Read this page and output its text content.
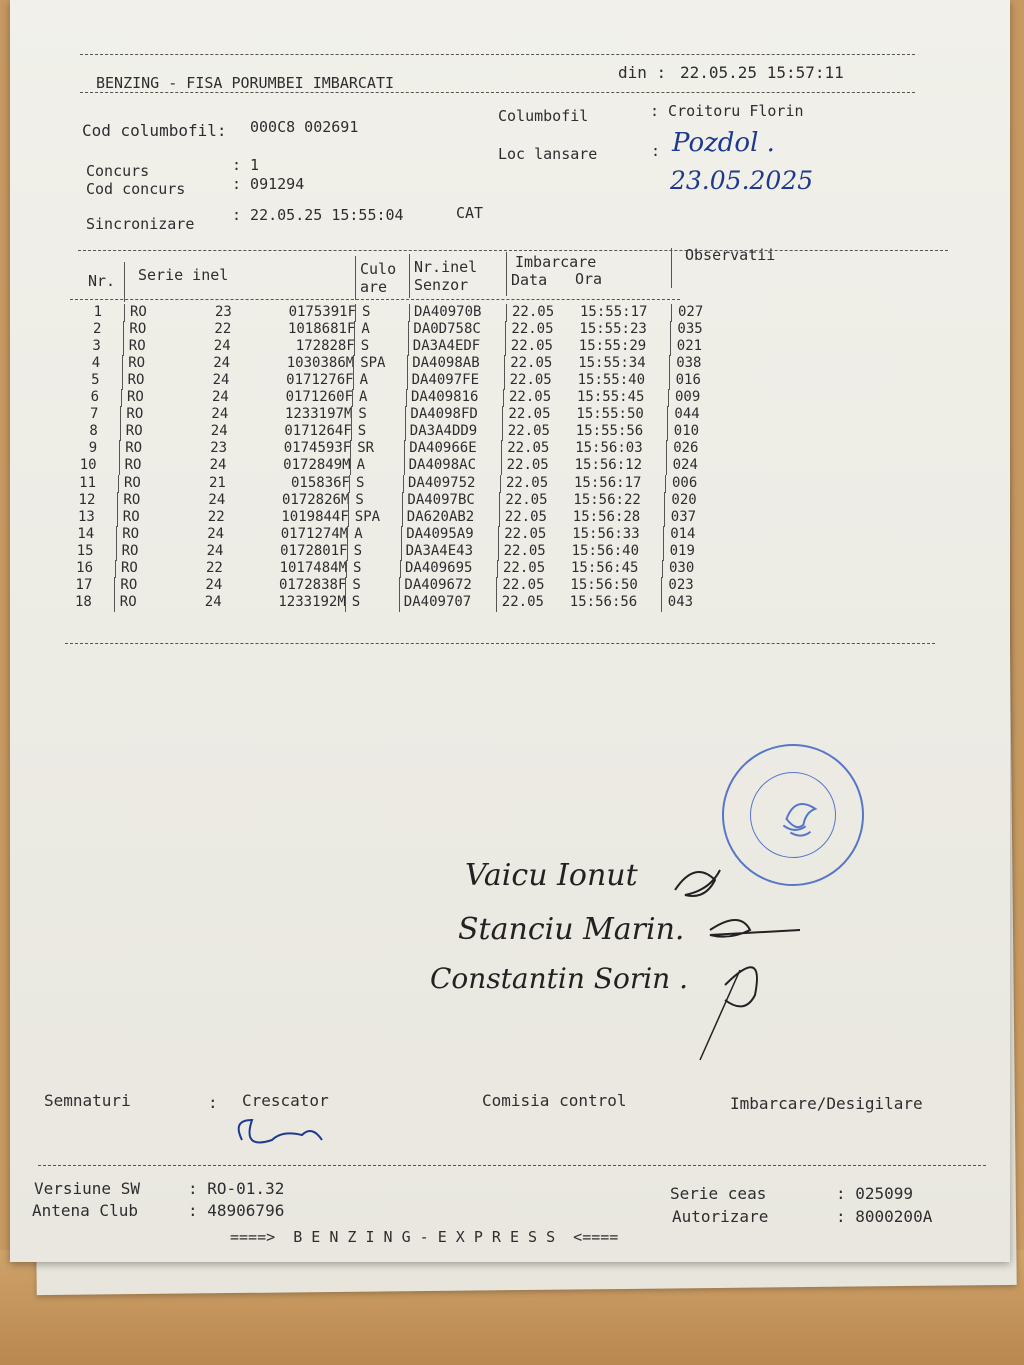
BENZING - FISA PORUMBEI IMBARCATI
din : 22.05.25 15:57:11
Cod columbofil: 000C8 002691
Columbofil	: Croitoru Florin
Loc lansare	: Pozdol .
23.05.2025
Concurs	: 1
Cod concurs	: 091294
Sincronizare	: 22.05.25 15:55:04	CAT
Nr. Serie inel	Culo
are
Nr.inel
Senzor
Imbarcare
Data Ora
Observatii
1 RO	23	0175391F S	DA40970B 22.05 15:55:17 027
2 RO	22	1018681F A	DA0D758C 22.05 15:55:23 035
3 RO	24	172828F S	DA3A4EDF 22.05 15:55:29 021
4 RO	24	1030386M SPA DA4098AB 22.05 15:55:34 038
5 RO	24	0171276F A	DA4097FE 22.05 15:55:40 016
6 RO	24	0171260F A	DA409816 22.05 15:55:45 009
7 RO	24	1233197M S	DA4098FD 22.05 15:55:50 044
8 RO	24	0171264F S	DA3A4DD9 22.05 15:55:56 010
9 RO	23	0174593F SR	DA40966E 22.05 15:56:03 026
10 RO	24	0172849M A	DA4098AC 22.05 15:56:12 024
11 RO	21	015836F S	DA409752 22.05 15:56:17 006
12 RO	24	0172826M S	DA4097BC 22.05 15:56:22 020
13 RO	22	1019844F SPA DA620AB2 22.05 15:56:28 037
14 RO	24	0171274M A	DA4095A9 22.05 15:56:33 014
15 RO	24	0172801F S	DA3A4E43 22.05 15:56:40 019
16 RO	22	1017484M S	DA409695 22.05 15:56:45 030
17 RO	24	0172838F S	DA409672 22.05 15:56:50 023
18 RO	24	1233192M S	DA409707 22.05 15:56:56 043
Vaicu Ionut
Stanciu Marin.
Constantin Sorin .
Semnaturi	: Crescator	Comisia control	Imbarcare/Desigilare
Versiune SW	: RO-01.32
Antena Club	: 48906796
Serie ceas	: 025099
Autorizare	: 8000200A
====>  B E N Z I N G - E X P R E S S  <====
